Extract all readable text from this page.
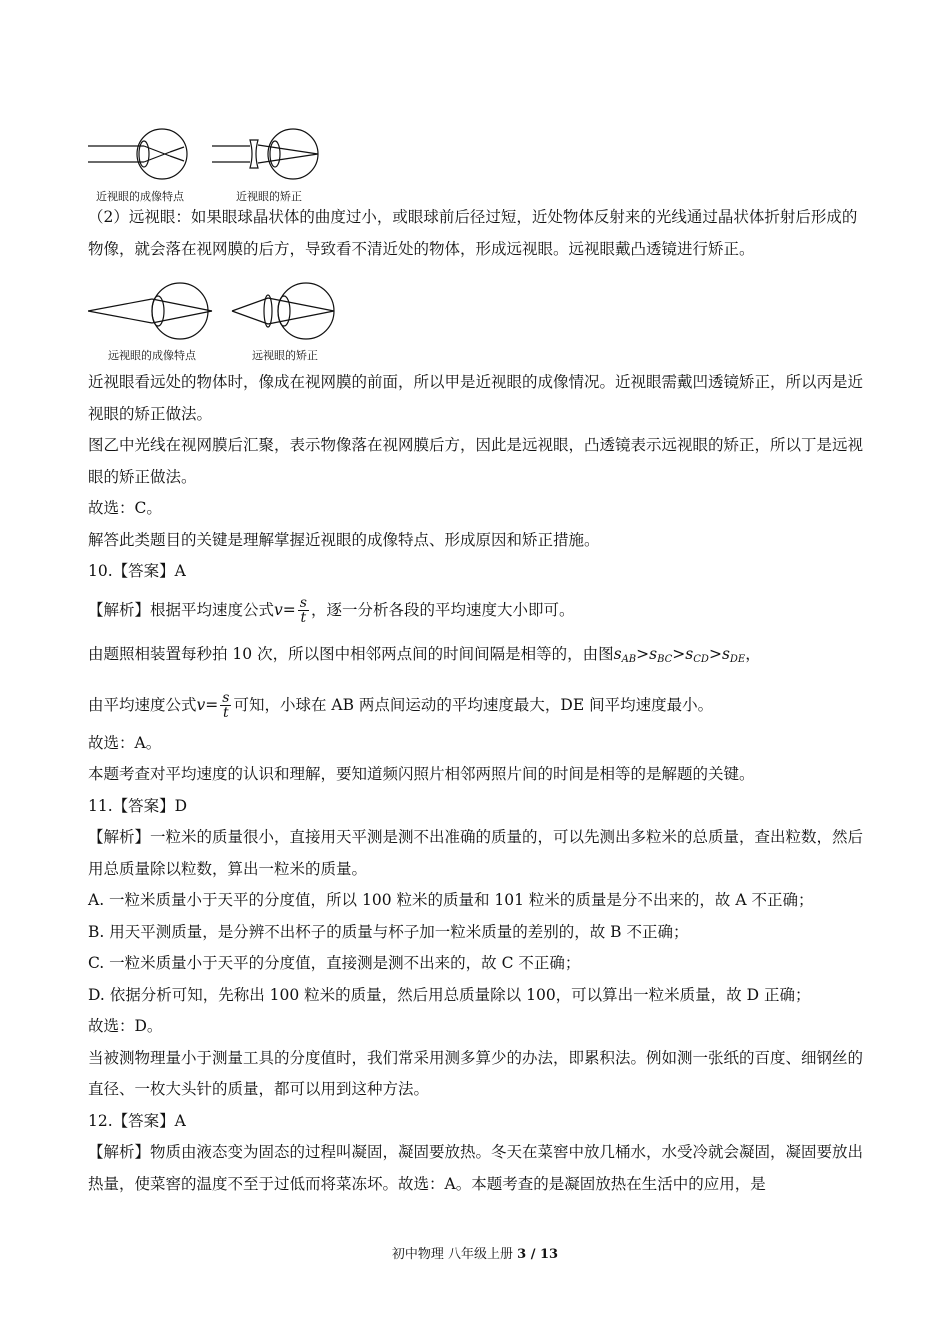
近视眼的成像特点	近视眼的矫正

（2）远视眼：如果眼球晶状体的曲度过小，或眼球前后径过短，近处物体反射来的光线通过晶状体折射后形成的物像，就会落在视网膜的后方，导致看不清近处的物体，形成远视眼。远视眼戴凸透镜进行矫正。

远视眼的成像特点	远视眼的矫正

近视眼看远处的物体时，像成在视网膜的前面，所以甲是近视眼的成像情况。近视眼需戴凹透镜矫正，所以丙是近视眼的矫正做法。

图乙中光线在视网膜后汇聚，表示物像落在视网膜后方，因此是远视眼，凸透镜表示远视眼的矫正，所以丁是远视眼的矫正做法。

故选：C。

解答此类题目的关键是理解掌握近视眼的成像特点、形成原因和矫正措施。

10.【答案】A

【解析】根据平均速度公式$v= \frac{s}{t}$ ，逐一分析各段的平均速度大小即可。

由题照相装置每秒拍 10 次，所以图中相邻两点间的时间间隔是相等的，由图$s_{AB}>s_{BC}>s_{CD}>s_{DE}$，

由平均速度公式$v= \frac{s}{t}$ 可知，小球在 AB 两点间运动的平均速度最大，DE 间平均速度最小。

故选：A。

本题考查对平均速度的认识和理解，要知道频闪照片相邻两照片间的时间是相等的是解题的关键。

11.【答案】D

【解析】一粒米的质量很小，直接用天平测是测不出准确的质量的，可以先测出多粒米的总质量，查出粒数，然后用总质量除以粒数，算出一粒米的质量。

A. 一粒米质量小于天平的分度值，所以 100 粒米的质量和 101 粒米的质量是分不出来的，故 A 不正确；

B. 用天平测质量，是分辨不出杯子的质量与杯子加一粒米质量的差别的，故 B 不正确；

C. 一粒米质量小于天平的分度值，直接测是测不出来的，故 C 不正确；

D. 依据分析可知，先称出 100 粒米的质量，然后用总质量除以 100，可以算出一粒米质量，故 D 正确；

故选：D。

当被测物理量小于测量工具的分度值时，我们常采用测多算少的办法，即累积法。例如测一张纸的百度、细钢丝的直径、一枚大头针的质量，都可以用到这种方法。

12.【答案】A

【解析】物质由液态变为固态的过程叫凝固，凝固要放热。冬天在菜窖中放几桶水，水受冷就会凝固，凝固要放出热量，使菜窖的温度不至于过低而将菜冻坏。故选：A。本题考查的是凝固放热在生活中的应用，是

初中物理 八年级上册 3 / 13
